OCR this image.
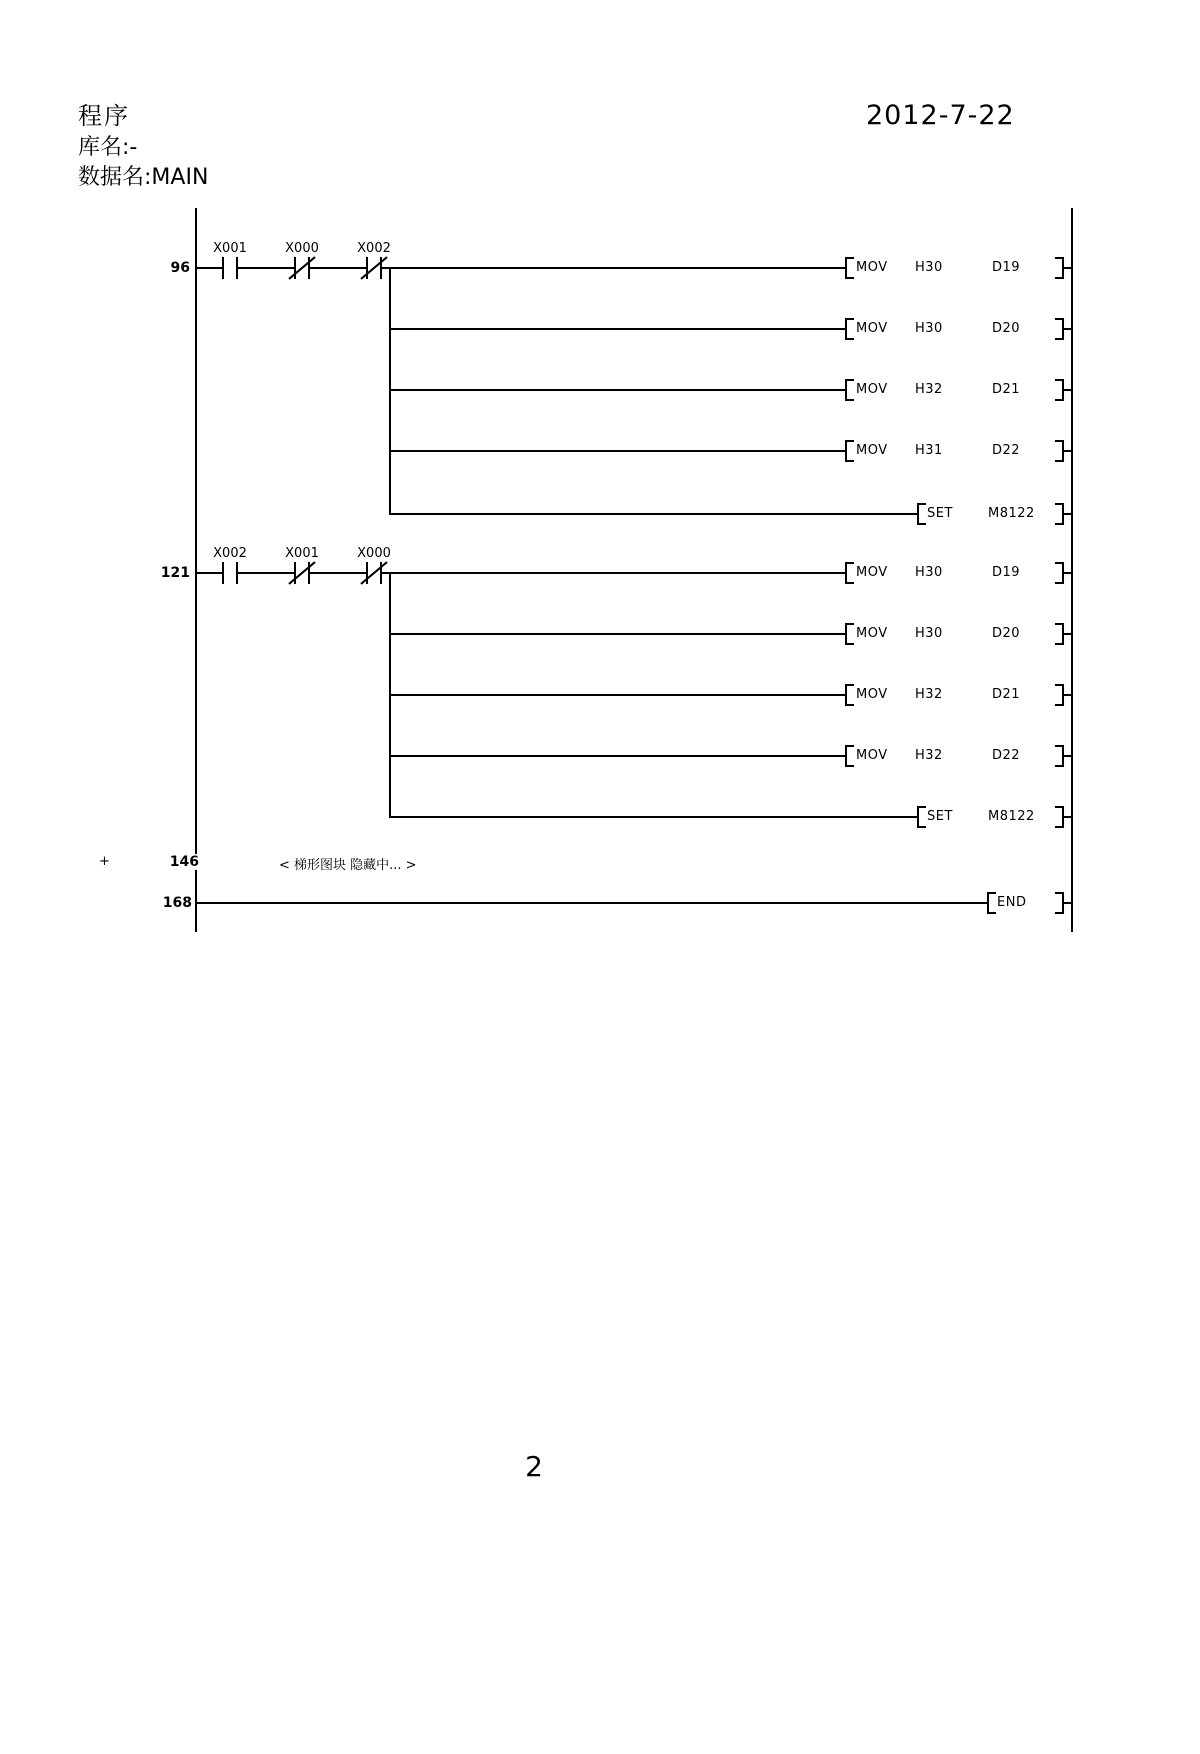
程序
库名:-
数据名:MAIN
2012-7-22
96
X001	X000	X002
MOV H30	D19
MOV H30	D20
MOV H32	D21
MOV H31	D22
SET	M8122
121
X002	X001	X000
MOV H30	D19
MOV H30	D20
MOV H32	D21
MOV H32	D22
SET	M8122
+	146	< 梯形图块 隐藏中... >
168	END
2
